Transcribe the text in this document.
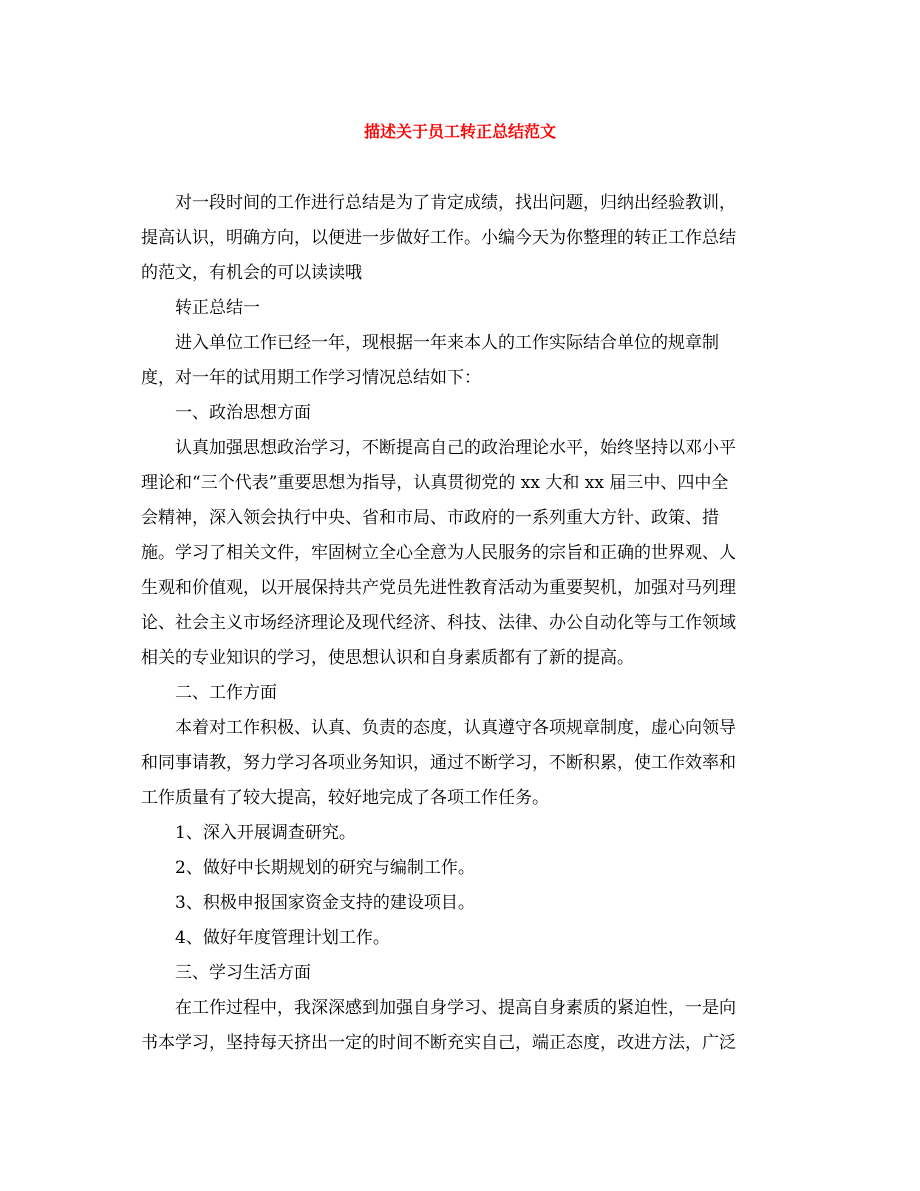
描述关于员工转正总结范文
对一段时间的工作进行总结是为了肯定成绩，找出问题，归纳出经验教训，
提高认识，明确方向，以便进一步做好工作。小编今天为你整理的转正工作总结
的范文，有机会的可以读读哦
转正总结一
进入单位工作已经一年，现根据一年来本人的工作实际结合单位的规章制
度，对一年的试用期工作学习情况总结如下：
一、政治思想方面
认真加强思想政治学习，不断提高自己的政治理论水平，始终坚持以邓小平
理论和“三个代表”重要思想为指导，认真贯彻党的 xx 大和 xx 届三中、四中全
会精神，深入领会执行中央、省和市局、市政府的一系列重大方针、政策、措
施。学习了相关文件，牢固树立全心全意为人民服务的宗旨和正确的世界观、人
生观和价值观，以开展保持共产党员先进性教育活动为重要契机，加强对马列理
论、社会主义市场经济理论及现代经济、科技、法律、办公自动化等与工作领域
相关的专业知识的学习，使思想认识和自身素质都有了新的提高。
二、工作方面
本着对工作积极、认真、负责的态度，认真遵守各项规章制度，虚心向领导
和同事请教，努力学习各项业务知识，通过不断学习，不断积累，使工作效率和
工作质量有了较大提高，较好地完成了各项工作任务。
1、深入开展调查研究。
2、做好中长期规划的研究与编制工作。
3、积极申报国家资金支持的建设项目。
4、做好年度管理计划工作。
三、学习生活方面
在工作过程中，我深深感到加强自身学习、提高自身素质的紧迫性，一是向
书本学习，坚持每天挤出一定的时间不断充实自己，端正态度，改进方法，广泛
